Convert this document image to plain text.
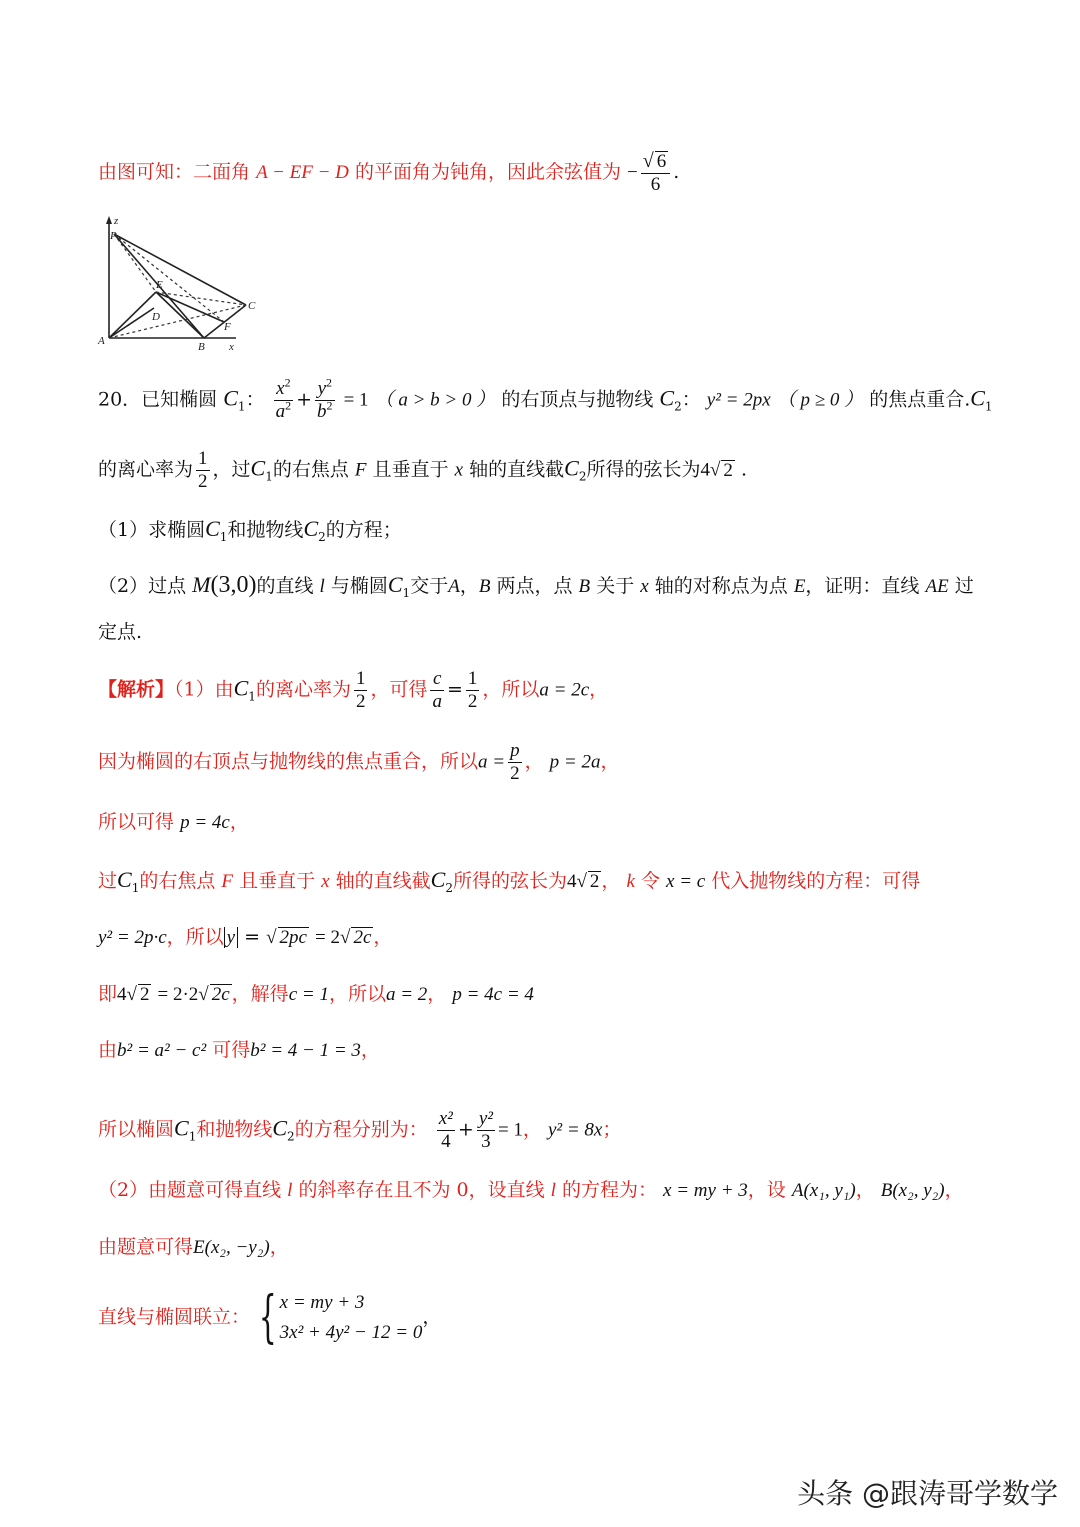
由图可知：二面角 A − EF − D 的平面角为钝角，因此余弦值为 − $\frac{√ 6}{6}$ .
z
P
E
D
C
F
A	B x
20．已知椭圆 $C_1$： $\frac{x^2}{a^2} + \frac{y^2}{b^2} = 1$ （ a > b > 0 ） 的右顶点与抛物线 $C_2$： y² = 2px （ p ≥ 0 ） 的焦点重合$.C_1$
的离心率为 $\frac{1}{2}$ ，过$C_1$的右焦点 F 且垂直于 x 轴的直线截$C_2$所得的弦长为4√ 2 .
（1）求椭圆$C_1$和抛物线$C_2$的方程；
（2）过点 M(3,0)的直线 l 与椭圆$C_1$交于A，B 两点，点 B 关于 x 轴的对称点为点 E，证明：直线 AE 过
定点.
【解析】（1）由$C_1$的离心率为 $\frac{1}{2}$ ，可得 $\frac{c}{a} = \frac{1}{2}$ ，所以a = 2c，
因为椭圆的右顶点与抛物线的焦点重合，所以$a = \frac{p}{2}$ ， p = 2a，
所以可得 p = 4c，
过$C_1$的右焦点 F 且垂直于 x 轴的直线截$C_2$所得的弦长为4√ 2 ， k 令 x = c 代入抛物线的方程：可得
y² = 2p·c，所以 y = √ 2pc = 2√ 2c ，
即4√ 2 = 2·2√ 2c ，解得c = 1，所以a = 2， p = 4c = 4
由b² = a² − c² 可得b² = 4 − 1 = 3，
所以椭圆$C_1$和抛物线$C_2$的方程分别为： $\frac{\text{x²}}{4} + \frac{\text{y²}}{3} = 1$， y² = 8x；
（2）由题意可得直线 l 的斜率存在且不为 0，设直线 l 的方程为： x = my + 3，设 A(x₁, y₁)， B(x₂, y₂)，
由题意可得E(x₂, −y₂)，
直线与椭圆联立： { x = my + 3
3x² + 4y² − 12 = 0
，
头条 @跟涛哥学数学
